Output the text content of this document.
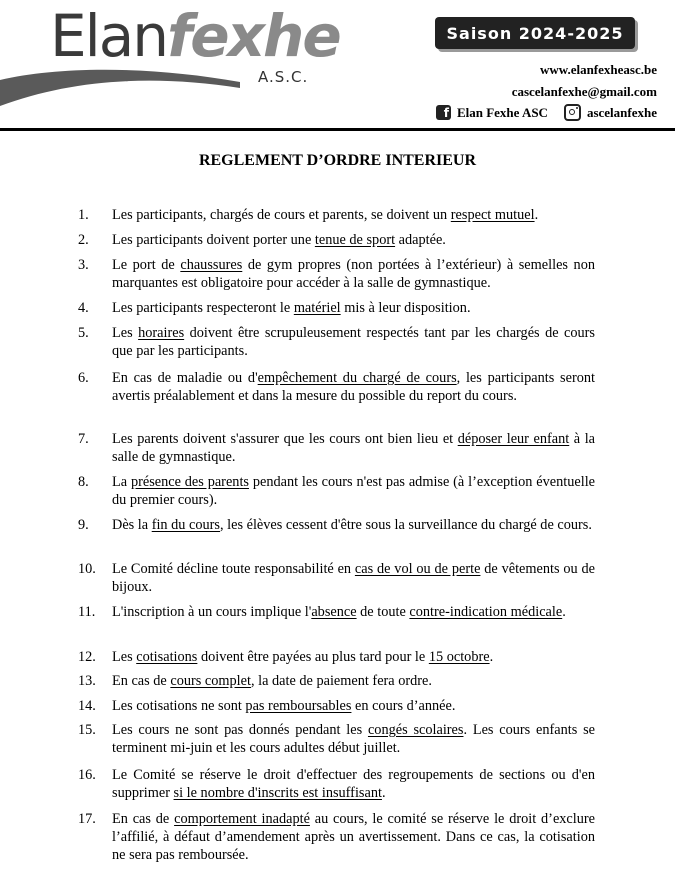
Elanfexhe
A.S.C.
Saison 2024-2025
www.elanfexheasc.be
cascelanfexhe@gmail.com
f Elan Fexhe ASC	ascelanfexhe
REGLEMENT D’ORDRE INTERIEUR
1.	Les participants, chargés de cours et parents, se doivent un respect mutuel.
2.	Les participants doivent porter une tenue de sport adaptée.
3.	Le port de chaussures de gym propres (non portées à l’extérieur) à semelles non marquantes est obligatoire pour accéder à la salle de gymnastique.
4.	Les participants respecteront le matériel mis à leur disposition.
5.	Les horaires doivent être scrupuleusement respectés tant par les chargés de cours que par les participants.
6.	En cas de maladie ou d'empêchement du chargé de cours, les participants seront avertis préalablement et dans la mesure du possible du report du cours.
7.	Les parents doivent s'assurer que les cours ont bien lieu et déposer leur enfant à la salle de gymnastique.
8.	La présence des parents pendant les cours n'est pas admise (à l’exception éventuelle du premier cours).
9.	Dès la fin du cours, les élèves cessent d'être sous la surveillance du chargé de cours.
10.	Le Comité décline toute responsabilité en cas de vol ou de perte de vêtements ou de bijoux.
11.	L'inscription à un cours implique l'absence de toute contre-indication médicale.
12.	Les cotisations doivent être payées au plus tard pour le 15 octobre.
13.	En cas de cours complet, la date de paiement fera ordre.
14.	Les cotisations ne sont pas remboursables en cours d’année.
15.	Les cours ne sont pas donnés pendant les congés scolaires. Les cours enfants se terminent mi-juin et les cours adultes début juillet.
16.	Le Comité se réserve le droit d'effectuer des regroupements de sections ou d'en supprimer si le nombre d'inscrits est insuffisant.
17.	En cas de comportement inadapté au cours, le comité se réserve le droit d’exclure l’affilié, à défaut d’amendement après un avertissement. Dans ce cas, la cotisation ne sera pas remboursée.
